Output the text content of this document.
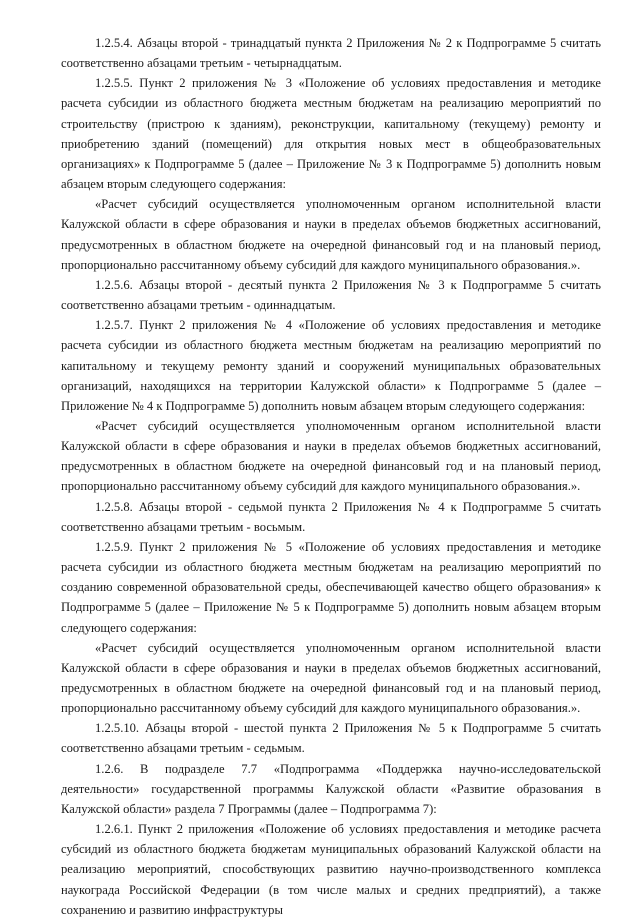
1.2.5.4. Абзацы второй - тринадцатый пункта 2 Приложения № 2 к Подпрограмме 5 считать соответственно абзацами третьим - четырнадцатым.

1.2.5.5. Пункт 2 приложения № 3 «Положение об условиях предоставления и методике расчета субсидии из областного бюджета местным бюджетам на реализацию мероприятий по строительству (пристрою к зданиям), реконструкции, капитальному (текущему) ремонту и приобретению зданий (помещений) для открытия новых мест в общеобразовательных организациях» к Подпрограмме 5 (далее – Приложение № 3 к Подпрограмме 5) дополнить новым абзацем вторым следующего содержания:

«Расчет субсидий осуществляется уполномоченным органом исполнительной власти Калужской области в сфере образования и науки в пределах объемов бюджетных ассигнований, предусмотренных в областном бюджете на очередной финансовый год и на плановый период, пропорционально рассчитанному объему субсидий для каждого муниципального образования.».

1.2.5.6. Абзацы второй - десятый пункта 2 Приложения № 3 к Подпрограмме 5 считать соответственно абзацами третьим - одиннадцатым.

1.2.5.7. Пункт 2 приложения № 4 «Положение об условиях предоставления и методике расчета субсидии из областного бюджета местным бюджетам на реализацию мероприятий по капитальному и текущему ремонту зданий и сооружений муниципальных образовательных организаций, находящихся на территории Калужской области» к Подпрограмме 5 (далее – Приложение № 4 к Подпрограмме 5) дополнить новым абзацем вторым следующего содержания:

«Расчет субсидий осуществляется уполномоченным органом исполнительной власти Калужской области в сфере образования и науки в пределах объемов бюджетных ассигнований, предусмотренных в областном бюджете на очередной финансовый год и на плановый период, пропорционально рассчитанному объему субсидий для каждого муниципального образования.».

1.2.5.8. Абзацы второй - седьмой пункта 2 Приложения № 4 к Подпрограмме 5 считать соответственно абзацами третьим - восьмым.

1.2.5.9. Пункт 2 приложения № 5 «Положение об условиях предоставления и методике расчета субсидии из областного бюджета местным бюджетам на реализацию мероприятий по созданию современной образовательной среды, обеспечивающей качество общего образования» к Подпрограмме 5 (далее – Приложение № 5 к Подпрограмме 5) дополнить новым абзацем вторым следующего содержания:

«Расчет субсидий осуществляется уполномоченным органом исполнительной власти Калужской области в сфере образования и науки в пределах объемов бюджетных ассигнований, предусмотренных в областном бюджете на очередной финансовый год и на плановый период, пропорционально рассчитанному объему субсидий для каждого муниципального образования.».

1.2.5.10. Абзацы второй - шестой пункта 2 Приложения № 5 к Подпрограмме 5 считать соответственно абзацами третьим - седьмым.

1.2.6. В подразделе 7.7 «Подпрограмма «Поддержка научно-исследовательской деятельности» государственной программы Калужской области «Развитие образования в Калужской области» раздела 7 Программы (далее – Подпрограмма 7):

1.2.6.1. Пункт 2 приложения «Положение об условиях предоставления и методике расчета субсидий из областного бюджета бюджетам муниципальных образований Калужской области на реализацию мероприятий, способствующих развитию научно-производственного комплекса наукограда Российской Федерации (в том числе малых и средних предприятий), а также сохранению и развитию инфраструктуры
